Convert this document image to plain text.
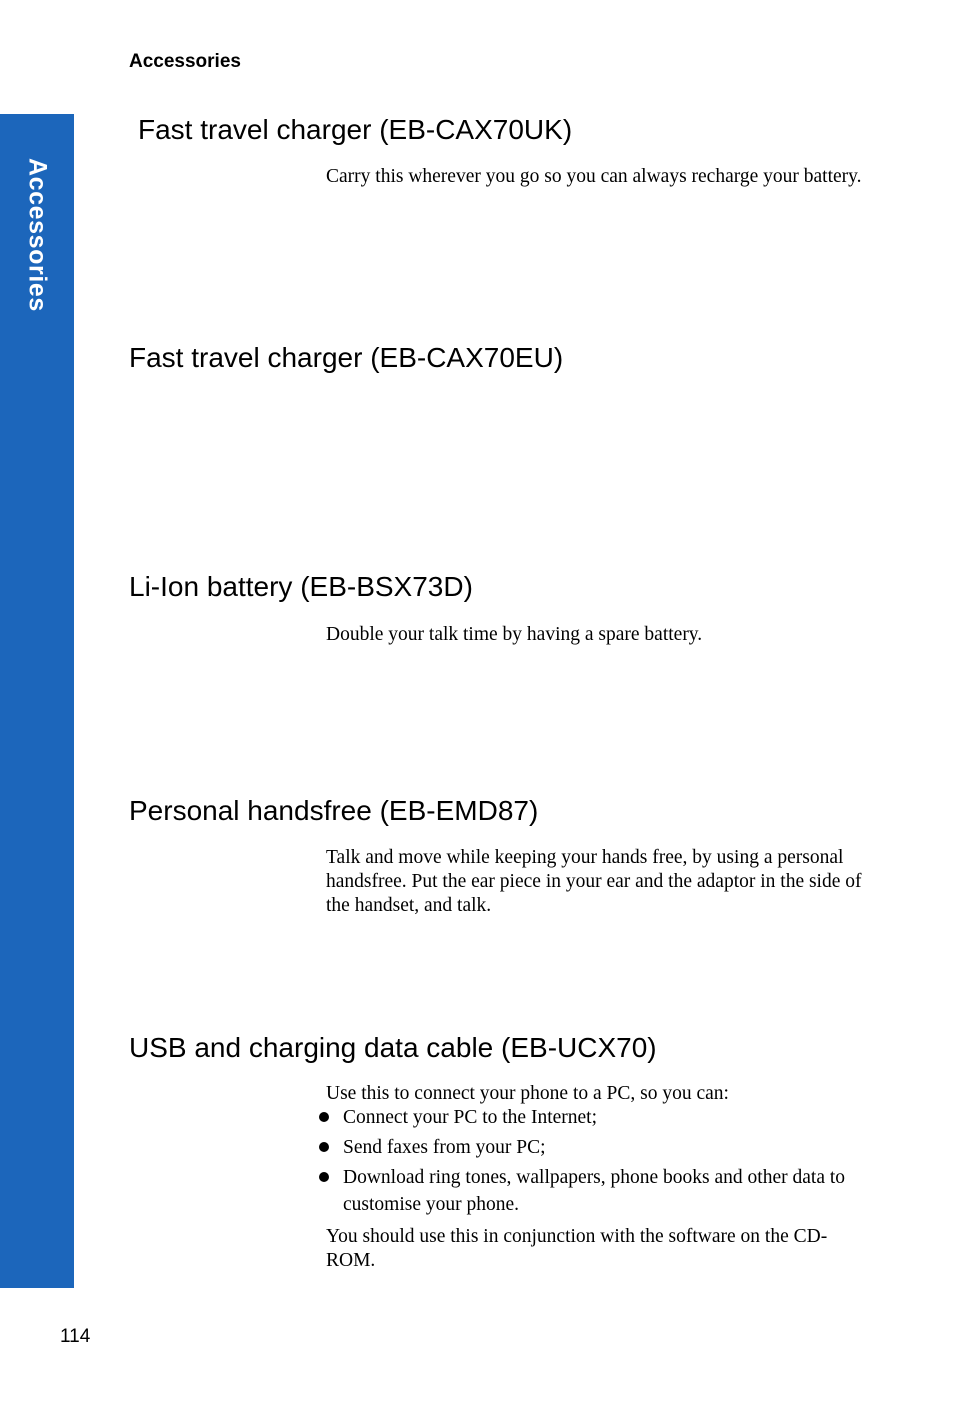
Accessories
Accessories
Fast travel charger (EB-CAX70UK)

Carry this wherever you go so you can always recharge your battery.

Fast travel charger (EB-CAX70EU)
Li-Ion battery (EB-BSX73D)

Double your talk time by having a spare battery.

Personal handsfree (EB-EMD87)

Talk and move while keeping your hands free, by using a personal handsfree. Put the ear piece in your ear and the adaptor in the side of the handset, and talk.

USB and charging data cable (EB-UCX70)

Use this to connect your phone to a PC, so you can:

Connect your PC to the Internet;
Send faxes from your PC;
Download ring tones, wallpapers, phone books and other data to customise your phone.

You should use this in conjunction with the software on the CD-ROM.

114
